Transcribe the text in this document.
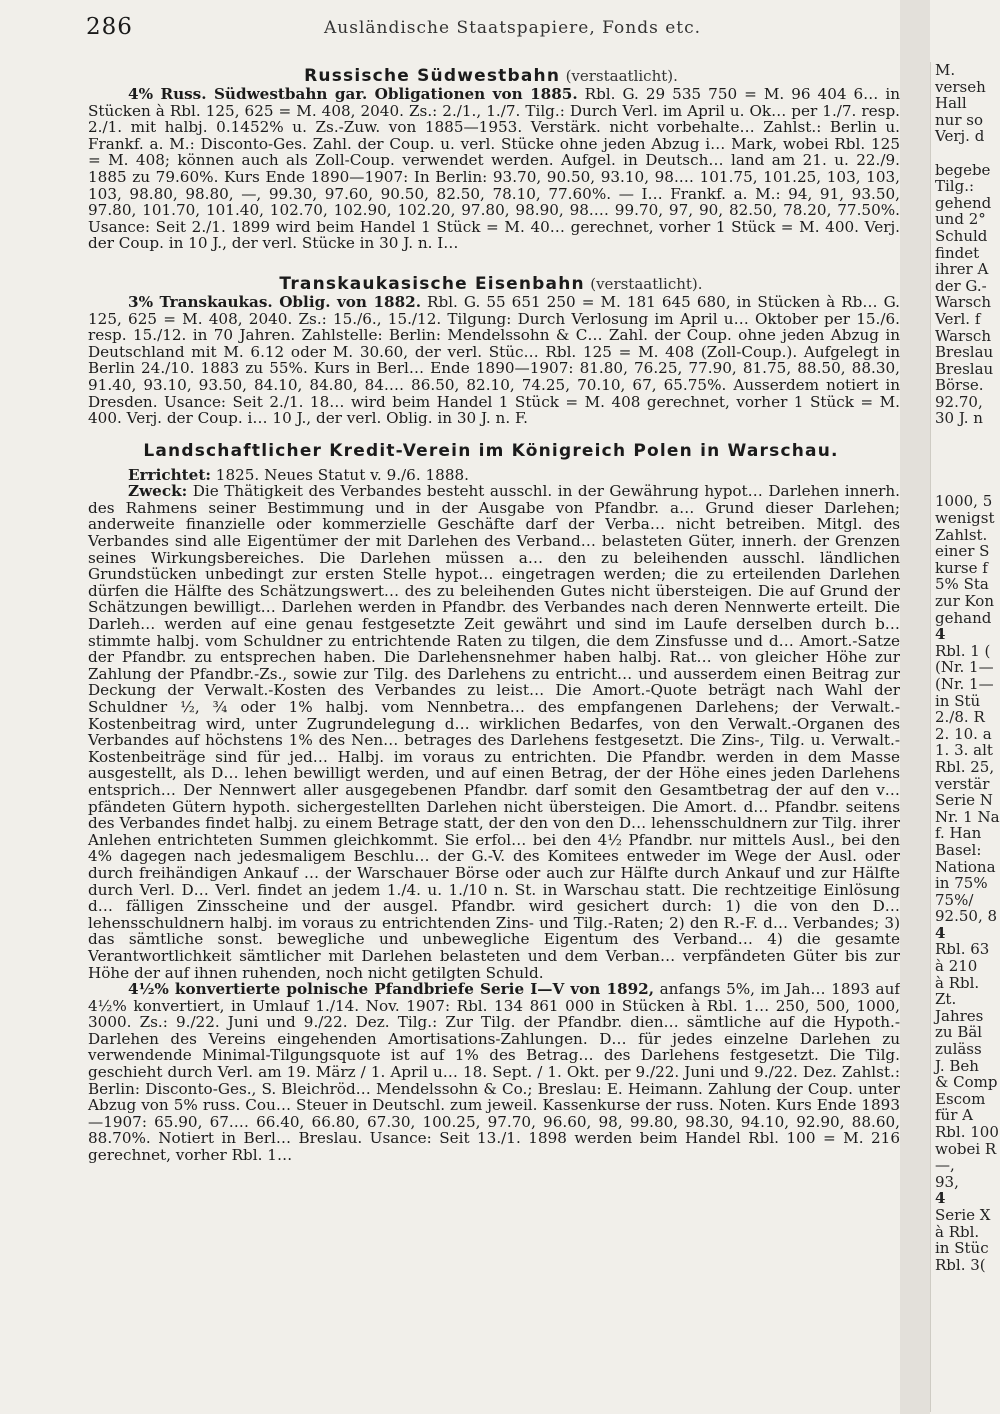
286	Ausländische Staatspapiere, Fonds etc.
Russische Südwestbahn (verstaatlicht).

4% Russ. Südwestbahn gar. Obligationen von 1885. Rbl. G. 29 535 750 = M. 96 404 6… in Stücken à Rbl. 125, 625 = M. 408, 2040. Zs.: 2./1., 1./7. Tilg.: Durch Verl. im April u. Ok… per 1./7. resp. 2./1. mit halbj. 0.1452% u. Zs.-Zuw. von 1885—1953. Verstärk. nicht vorbehalte… Zahlst.: Berlin u. Frankf. a. M.: Disconto-Ges. Zahl. der Coup. u. verl. Stücke ohne jeden Abzug i… Mark, wobei Rbl. 125 = M. 408; können auch als Zoll-Coup. verwendet werden. Aufgel. in Deutsch… land am 21. u. 22./9. 1885 zu 79.60%. Kurs Ende 1890—1907: In Berlin: 93.70, 90.50, 93.10, 98.… 101.75, 101.25, 103, 103, 103, 98.80, 98.80, —, 99.30, 97.60, 90.50, 82.50, 78.10, 77.60%. — I… Frankf. a. M.: 94, 91, 93.50, 97.80, 101.70, 101.40, 102.70, 102.90, 102.20, 97.80, 98.90, 98.… 99.70, 97, 90, 82.50, 78.20, 77.50%. Usance: Seit 2./1. 1899 wird beim Handel 1 Stück = M. 40… gerechnet, vorher 1 Stück = M. 400. Verj. der Coup. in 10 J., der verl. Stücke in 30 J. n. I…

Transkaukasische Eisenbahn (verstaatlicht).

3% Transkaukas. Oblig. von 1882. Rbl. G. 55 651 250 = M. 181 645 680, in Stücken à Rb… G. 125, 625 = M. 408, 2040. Zs.: 15./6., 15./12. Tilgung: Durch Verlosung im April u… Oktober per 15./6. resp. 15./12. in 70 Jahren. Zahlstelle: Berlin: Mendelssohn & C… Zahl. der Coup. ohne jeden Abzug in Deutschland mit M. 6.12 oder M. 30.60, der verl. Stüc… Rbl. 125 = M. 408 (Zoll-Coup.). Aufgelegt in Berlin 24./10. 1883 zu 55%. Kurs in Berl… Ende 1890—1907: 81.80, 76.25, 77.90, 81.75, 88.50, 88.30, 91.40, 93.10, 93.50, 84.10, 84.80, 84.… 86.50, 82.10, 74.25, 70.10, 67, 65.75%. Ausserdem notiert in Dresden. Usance: Seit 2./1. 18… wird beim Handel 1 Stück = M. 408 gerechnet, vorher 1 Stück = M. 400. Verj. der Coup. i… 10 J., der verl. Oblig. in 30 J. n. F.

Landschaftlicher Kredit-Verein im Königreich Polen in Warschau.

Errichtet: 1825. Neues Statut v. 9./6. 1888.

Zweck: Die Thätigkeit des Verbandes besteht ausschl. in der Gewährung hypot… Darlehen innerh. des Rahmens seiner Bestimmung und in der Ausgabe von Pfandbr. a… Grund dieser Darlehen; anderweite finanzielle oder kommerzielle Geschäfte darf der Verba… nicht betreiben. Mitgl. des Verbandes sind alle Eigentümer der mit Darlehen des Verband… belasteten Güter, innerh. der Grenzen seines Wirkungsbereiches. Die Darlehen müssen a… den zu beleihenden ausschl. ländlichen Grundstücken unbedingt zur ersten Stelle hypot… eingetragen werden; die zu erteilenden Darlehen dürfen die Hälfte des Schätzungswert… des zu beleihenden Gutes nicht übersteigen. Die auf Grund der Schätzungen bewilligt… Darlehen werden in Pfandbr. des Verbandes nach deren Nennwerte erteilt. Die Darleh… werden auf eine genau festgesetzte Zeit gewährt und sind im Laufe derselben durch b… stimmte halbj. vom Schuldner zu entrichtende Raten zu tilgen, die dem Zinsfusse und d… Amort.-Satze der Pfandbr. zu entsprechen haben. Die Darlehensnehmer haben halbj. Rat… von gleicher Höhe zur Zahlung der Pfandbr.-Zs., sowie zur Tilg. des Darlehens zu entricht… und ausserdem einen Beitrag zur Deckung der Verwalt.-Kosten des Verbandes zu leist… Die Amort.-Quote beträgt nach Wahl der Schuldner ½, ¾ oder 1% halbj. vom Nennbetra… des empfangenen Darlehens; der Verwalt.-Kostenbeitrag wird, unter Zugrundelegung d… wirklichen Bedarfes, von den Verwalt.-Organen des Verbandes auf höchstens 1% des Nen… betrages des Darlehens festgesetzt. Die Zins-, Tilg. u. Verwalt.-Kostenbeiträge sind für jed… Halbj. im voraus zu entrichten. Die Pfandbr. werden in dem Masse ausgestellt, als D… lehen bewilligt werden, und auf einen Betrag, der der Höhe eines jeden Darlehens entsprich… Der Nennwert aller ausgegebenen Pfandbr. darf somit den Gesamtbetrag der auf den v… pfändeten Gütern hypoth. sichergestellten Darlehen nicht übersteigen. Die Amort. d… Pfandbr. seitens des Verbandes findet halbj. zu einem Betrage statt, der den von den D… lehensschuldnern zur Tilg. ihrer Anlehen entrichteten Summen gleichkommt. Sie erfol… bei den 4½ Pfandbr. nur mittels Ausl., bei den 4% dagegen nach jedesmaligem Beschlu… der G.-V. des Komitees entweder im Wege der Ausl. oder durch freihändigen Ankauf … der Warschauer Börse oder auch zur Hälfte durch Ankauf und zur Hälfte durch Verl. D… Verl. findet an jedem 1./4. u. 1./10 n. St. in Warschau statt. Die rechtzeitige Einlösung d… fälligen Zinsscheine und der ausgel. Pfandbr. wird gesichert durch: 1) die von den D… lehensschuldnern halbj. im voraus zu entrichtenden Zins- und Tilg.-Raten; 2) den R.-F. d… Verbandes; 3) das sämtliche sonst. bewegliche und unbewegliche Eigentum des Verband… 4) die gesamte Verantwortlichkeit sämtlicher mit Darlehen belasteten und dem Verban… verpfändeten Güter bis zur Höhe der auf ihnen ruhenden, noch nicht getilgten Schuld.

4½% konvertierte polnische Pfandbriefe Serie I—V von 1892, anfangs 5%, im Jah… 1893 auf 4½% konvertiert, in Umlauf 1./14. Nov. 1907: Rbl. 134 861 000 in Stücken à Rbl. 1… 250, 500, 1000, 3000. Zs.: 9./22. Juni und 9./22. Dez. Tilg.: Zur Tilg. der Pfandbr. dien… sämtliche auf die Hypoth.-Darlehen des Vereins eingehenden Amortisations-Zahlungen. D… für jedes einzelne Darlehen zu verwendende Minimal-Tilgungsquote ist auf 1% des Betrag… des Darlehens festgesetzt. Die Tilg. geschieht durch Verl. am 19. März / 1. April u… 18. Sept. / 1. Okt. per 9./22. Juni und 9./22. Dez. Zahlst.: Berlin: Disconto-Ges., S. Bleichröd… Mendelssohn & Co.; Breslau: E. Heimann. Zahlung der Coup. unter Abzug von 5% russ. Cou… Steuer in Deutschl. zum jeweil. Kassenkurse der russ. Noten. Kurs Ende 1893—1907: 65.90, 67.… 66.40, 66.80, 67.30, 100.25, 97.70, 96.60, 98, 99.80, 98.30, 94.10, 92.90, 88.60, 88.70%. Notiert in Berl… Breslau. Usance: Seit 13./1. 1898 werden beim Handel Rbl. 100 = M. 216 gerechnet, vorher Rbl. 1…

M.
verseh
Hall
nur so
Verj. d

begebe
Tilg.:
gehend
und 2°
Schuld
findet
ihrer A
der G.-
Warsch
Verl. f
Warsch
Breslau
Breslau
Börse.
92.70,
30 J. n

1000, 5
wenigst
Zahlst.
einer S
kurse f
5% Sta
zur Kon
gehand
4
Rbl. 1 (
(Nr. 1—
(Nr. 1—
in Stü
2./8. R
2. 10. a
1. 3. alt
Rbl. 25,
verstär
Serie N
Nr. 1 Na
f. Han
Basel:
Nationa
in 75%
75%/
92.50, 8
4
Rbl. 63
à 210
à Rbl.
Zt.
Jahres
zu Bäl
zuläss
J. Beh
& Comp
Escom
für A
Rbl. 100
wobei R
—,
93,
4
Serie X
à Rbl.
in Stüc
Rbl. 3(
